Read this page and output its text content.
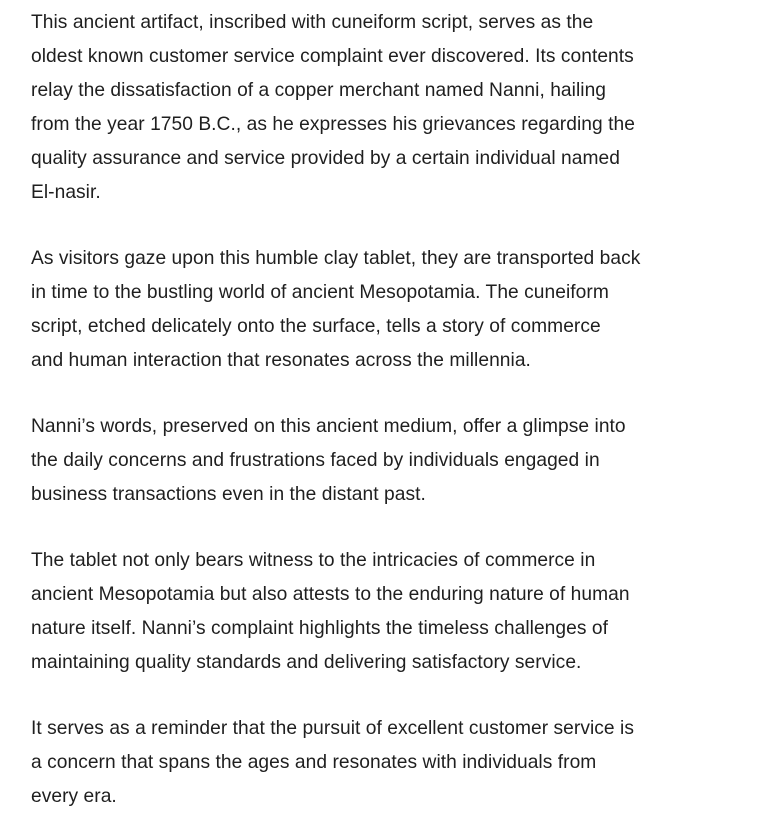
This ancient artifact, inscribed with cuneiform script, serves as the
oldest known customer service complaint ever discovered. Its contents
relay the dissatisfaction of a copper merchant named Nanni, hailing
from the year 1750 B.C., as he expresses his grievances regarding the
quality assurance and service provided by a certain individual named
El-nasir.

As visitors gaze upon this humble clay tablet, they are transported back
in time to the bustling world of ancient Mesopotamia. The cuneiform
script, etched delicately onto the surface, tells a story of commerce
and human interaction that resonates across the millennia.

Nanni’s words, preserved on this ancient medium, offer a glimpse into
the daily concerns and frustrations faced by individuals engaged in
business transactions even in the distant past.

The tablet not only bears witness to the intricacies of commerce in
ancient Mesopotamia but also attests to the enduring nature of human
nature itself. Nanni’s complaint highlights the timeless challenges of
maintaining quality standards and delivering satisfactory service.

It serves as a reminder that the pursuit of excellent customer service is
a concern that spans the ages and resonates with individuals from
every era.
